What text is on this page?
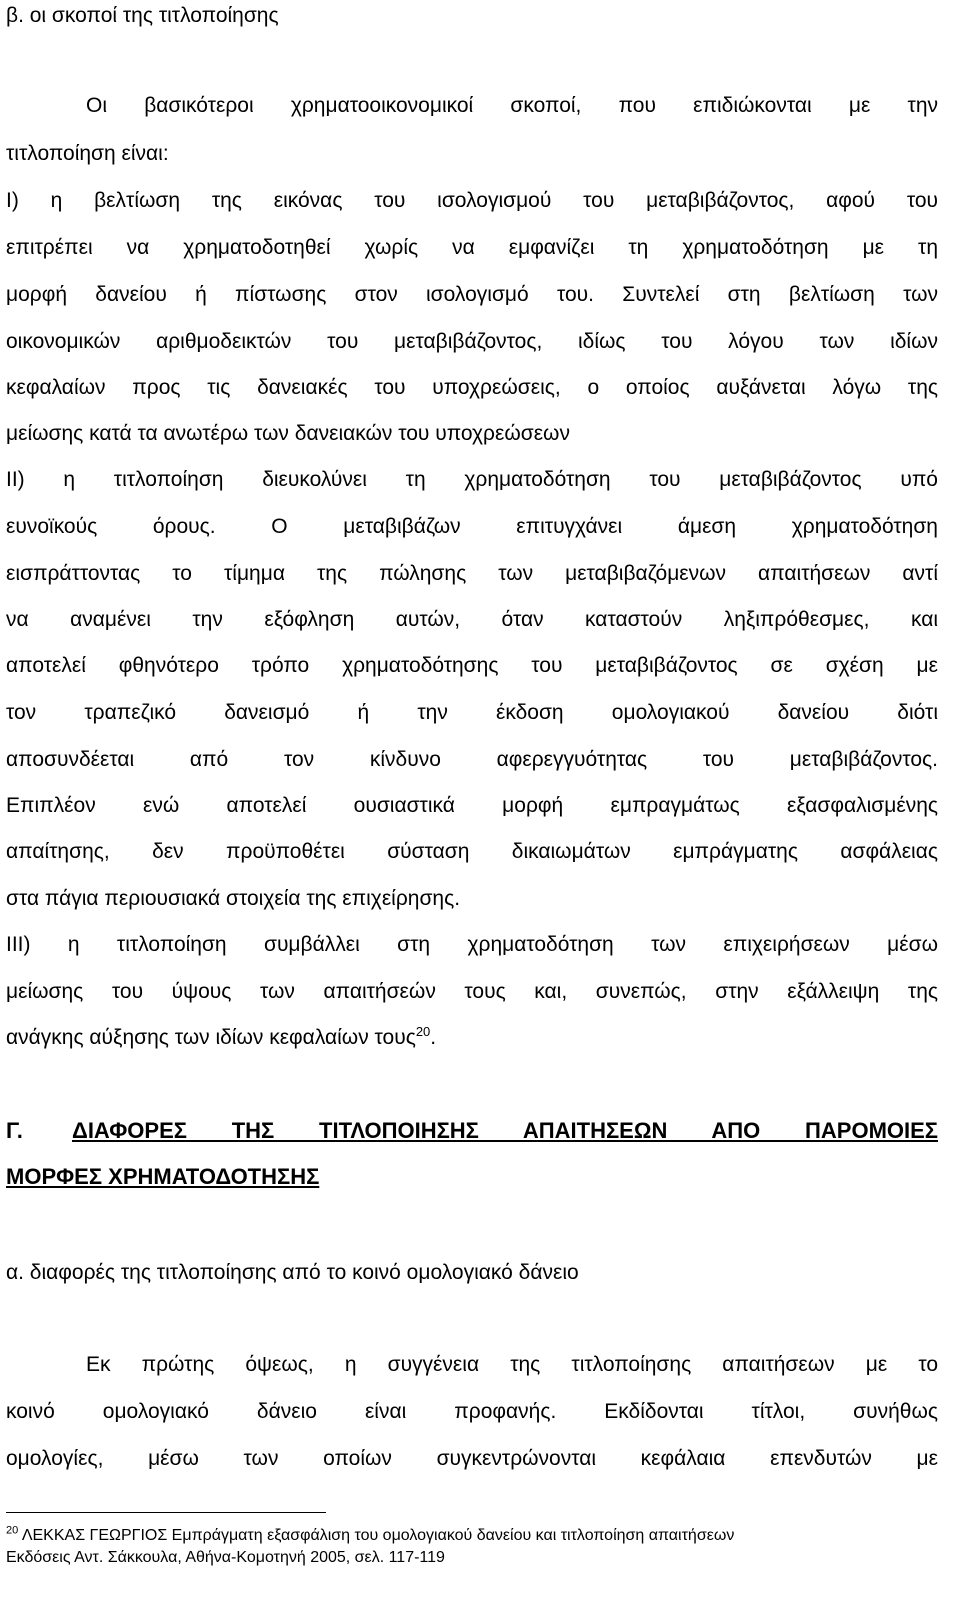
β. οι σκοποί της τιτλοποίησης
Οι βασικότεροι χρηματοοικονομικοί σκοποί, που επιδιώκονται με την
τιτλοποίηση είναι:
Ι) η βελτίωση της εικόνας του ισολογισμού του μεταβιβάζοντος, αφού του
επιτρέπει να χρηματοδοτηθεί χωρίς να εμφανίζει τη χρηματοδότηση με τη
μορφή δανείου ή πίστωσης στον ισολογισμό του. Συντελεί στη βελτίωση των
οικονομικών αριθμοδεικτών του μεταβιβάζοντος, ιδίως του λόγου των ιδίων
κεφαλαίων προς τις δανειακές του υποχρεώσεις, ο οποίος αυξάνεται λόγω της
μείωσης κατά τα ανωτέρω των δανειακών του υποχρεώσεων
ΙΙ) η τιτλοποίηση διευκολύνει τη χρηματοδότηση του μεταβιβάζοντος υπό
ευνοϊκούς όρους. Ο μεταβιβάζων επιτυγχάνει άμεση χρηματοδότηση
εισπράττοντας το τίμημα της πώλησης των μεταβιβαζόμενων απαιτήσεων αντί
να αναμένει την εξόφληση αυτών, όταν καταστούν ληξιπρόθεσμες, και
αποτελεί φθηνότερο τρόπο χρηματοδότησης του μεταβιβάζοντος σε σχέση με
τον τραπεζικό δανεισμό ή την έκδοση ομολογιακού δανείου διότι
αποσυνδέεται από τον κίνδυνο αφερεγγυότητας του μεταβιβάζοντος.
Επιπλέον ενώ αποτελεί ουσιαστικά μορφή εμπραγμάτως εξασφαλισμένης
απαίτησης, δεν προϋποθέτει σύσταση δικαιωμάτων εμπράγματης ασφάλειας
στα πάγια περιουσιακά στοιχεία της επιχείρησης.
ΙΙΙ) η τιτλοποίηση συμβάλλει στη χρηματοδότηση των επιχειρήσεων μέσω
μείωσης του ύψους των απαιτήσεών τους και, συνεπώς, στην εξάλλειψη της
ανάγκης αύξησης των ιδίων κεφαλαίων τους$^{20}$.
Γ. ΔΙΑΦΟΡΕΣ ΤΗΣ ΤΙΤΛΟΠΟΙΗΣΗΣ ΑΠΑΙΤΗΣΕΩΝ ΑΠΟ ΠΑΡΟΜΟΙΕΣ
ΜΟΡΦΕΣ ΧΡΗΜΑΤΟΔΟΤΗΣΗΣ
α. διαφορές της τιτλοποίησης από το κοινό ομολογιακό δάνειο
Εκ πρώτης όψεως, η συγγένεια της τιτλοποίησης απαιτήσεων με το
κοινό ομολογιακό δάνειο είναι προφανής. Εκδίδονται τίτλοι, συνήθως
ομολογίες, μέσω των οποίων συγκεντρώνονται κεφάλαια επενδυτών με
$^{20}$ ΛΕΚΚΑΣ ΓΕΩΡΓΙΟΣ Εμπράγματη εξασφάλιση του ομολογιακού δανείου και τιτλοποίηση απαιτήσεων
Εκδόσεις Αντ. Σάκκουλα, Αθήνα-Κομοτηνή 2005, σελ. 117-119
